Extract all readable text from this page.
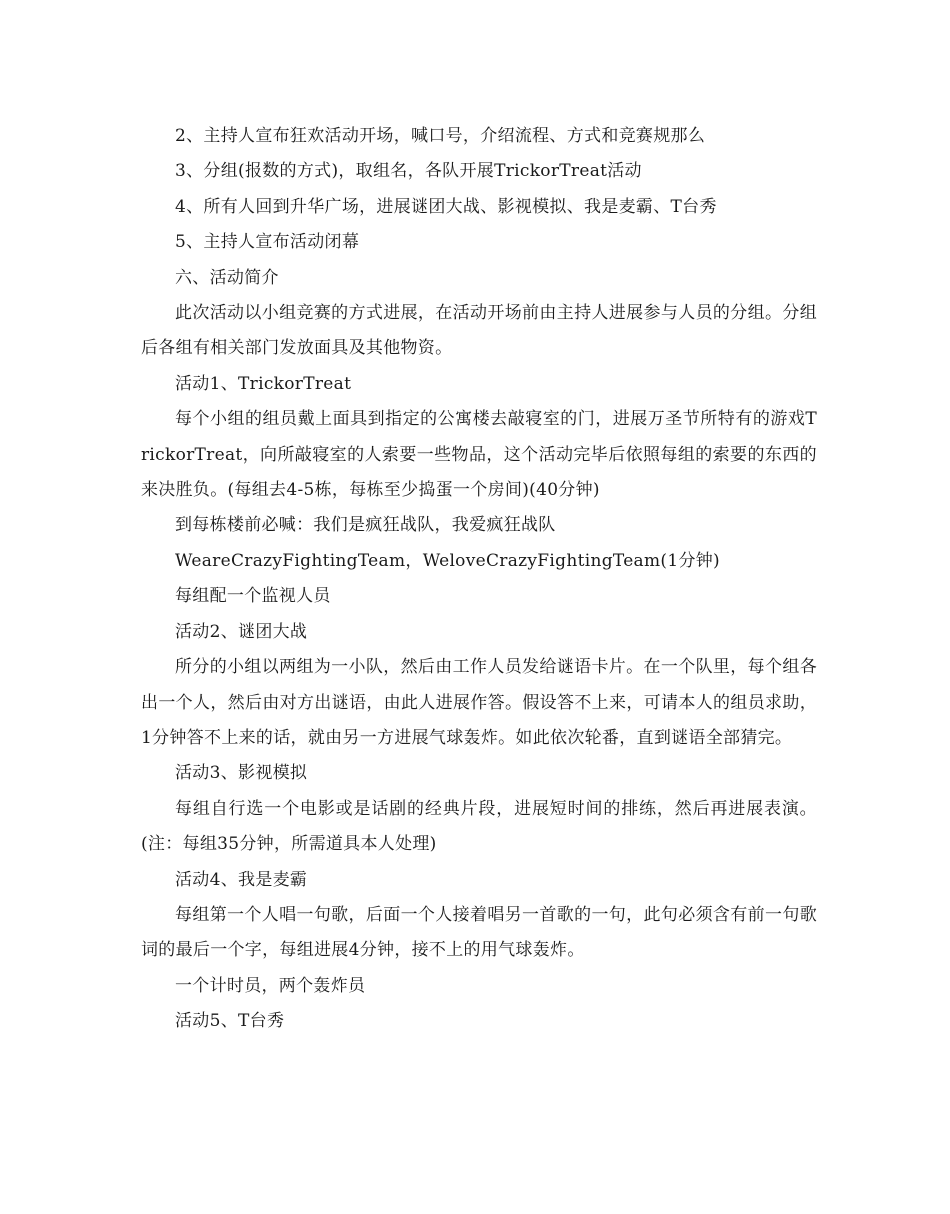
2、主持人宣布狂欢活动开场，喊口号，介绍流程、方式和竞赛规那么

3、分组(报数的方式)，取组名，各队开展TrickorTreat活动

4、所有人回到升华广场，进展谜团大战、影视模拟、我是麦霸、T台秀

5、主持人宣布活动闭幕

六、活动简介

此次活动以小组竞赛的方式进展，在活动开场前由主持人进展参与人员的分组。分组后各组有相关部门发放面具及其他物资。

活动1、TrickorTreat

每个小组的组员戴上面具到指定的公寓楼去敲寝室的门，进展万圣节所特有的游戏TrickorTreat，向所敲寝室的人索要一些物品，这个活动完毕后依照每组的索要的东西的来决胜负。(每组去4-5栋，每栋至少捣蛋一个房间)(40分钟)

到每栋楼前必喊：我们是疯狂战队，我爱疯狂战队

WeareCrazyFightingTeam，WeloveCrazyFightingTeam(1分钟)

每组配一个监视人员

活动2、谜团大战

所分的小组以两组为一小队，然后由工作人员发给谜语卡片。在一个队里，每个组各出一个人，然后由对方出谜语，由此人进展作答。假设答不上来，可请本人的组员求助，1分钟答不上来的话，就由另一方进展气球轰炸。如此依次轮番，直到谜语全部猜完。

活动3、影视模拟

每组自行选一个电影或是话剧的经典片段，进展短时间的排练，然后再进展表演。(注：每组35分钟，所需道具本人处理)

活动4、我是麦霸

每组第一个人唱一句歌，后面一个人接着唱另一首歌的一句，此句必须含有前一句歌词的最后一个字，每组进展4分钟，接不上的用气球轰炸。

一个计时员，两个轰炸员

活动5、T台秀
